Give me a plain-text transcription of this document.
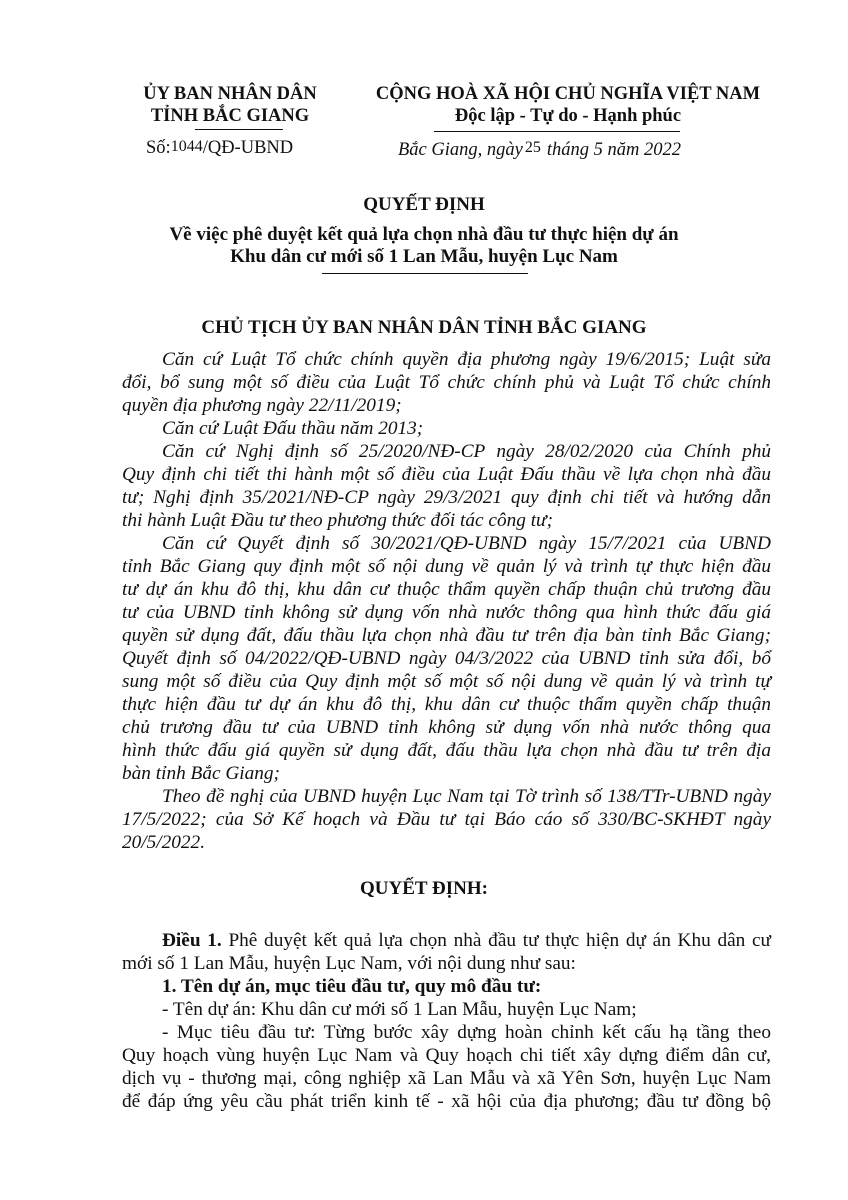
ỦY BAN NHÂN DÂN
TỈNH BẮC GIANG
Số:1044/QĐ-UBND
CỘNG HOÀ XÃ HỘI CHỦ NGHĨA VIỆT NAM
Độc lập - Tự do - Hạnh phúc
Bắc Giang, ngày 25 tháng 5 năm 2022
QUYẾT ĐỊNH
Về việc phê duyệt kết quả lựa chọn nhà đầu tư thực hiện dự án
Khu dân cư mới số 1 Lan Mẫu, huyện Lục Nam
CHỦ TỊCH ỦY BAN NHÂN DÂN TỈNH BẮC GIANG
Căn cứ Luật Tổ chức chính quyền địa phương ngày 19/6/2015; Luật sửa
đổi, bổ sung một số điều của Luật Tổ chức chính phủ và Luật Tổ chức chính
quyền địa phương ngày 22/11/2019;
Căn cứ Luật Đấu thầu năm 2013;
Căn cứ Nghị định số 25/2020/NĐ-CP ngày 28/02/2020 của Chính phủ
Quy định chi tiết thi hành một số điều của Luật Đấu thầu về lựa chọn nhà đầu
tư; Nghị định 35/2021/NĐ-CP ngày 29/3/2021 quy định chi tiết và hướng dẫn
thi hành Luật Đầu tư theo phương thức đối tác công tư;
Căn cứ Quyết định số 30/2021/QĐ-UBND ngày 15/7/2021 của UBND
tỉnh Bắc Giang quy định một số nội dung về quản lý và trình tự thực hiện đầu
tư dự án khu đô thị, khu dân cư thuộc thẩm quyền chấp thuận chủ trương đầu
tư của UBND tỉnh không sử dụng vốn nhà nước thông qua hình thức đấu giá
quyền sử dụng đất, đấu thầu lựa chọn nhà đầu tư trên địa bàn tỉnh Bắc Giang;
Quyết định số 04/2022/QĐ-UBND ngày 04/3/2022 của UBND tỉnh sửa đổi, bổ
sung một số điều của Quy định một số một số nội dung về quản lý và trình tự
thực hiện đầu tư dự án khu đô thị, khu dân cư thuộc thẩm quyền chấp thuận
chủ trương đầu tư của UBND tỉnh không sử dụng vốn nhà nước thông qua
hình thức đấu giá quyền sử dụng đất, đấu thầu lựa chọn nhà đầu tư trên địa
bàn tỉnh Bắc Giang;
Theo đề nghị của UBND huyện Lục Nam tại Tờ trình số 138/TTr-UBND ngày
17/5/2022; của Sở Kế hoạch và Đầu tư tại Báo cáo số 330/BC-SKHĐT ngày
20/5/2022.
QUYẾT ĐỊNH:
Điều 1. Phê duyệt kết quả lựa chọn nhà đầu tư thực hiện dự án Khu dân cư
mới số 1 Lan Mẫu, huyện Lục Nam, với nội dung như sau:
1. Tên dự án, mục tiêu đầu tư, quy mô đầu tư:
- Tên dự án: Khu dân cư mới số 1 Lan Mẫu, huyện Lục Nam;
- Mục tiêu đầu tư: Từng bước xây dựng hoàn chỉnh kết cấu hạ tầng theo
Quy hoạch vùng huyện Lục Nam và Quy hoạch chi tiết xây dựng điểm dân cư,
dịch vụ - thương mại, công nghiệp xã Lan Mẫu và xã Yên Sơn, huyện Lục Nam
để đáp ứng yêu cầu phát triển kinh tế - xã hội của địa phương; đầu tư đồng bộ
